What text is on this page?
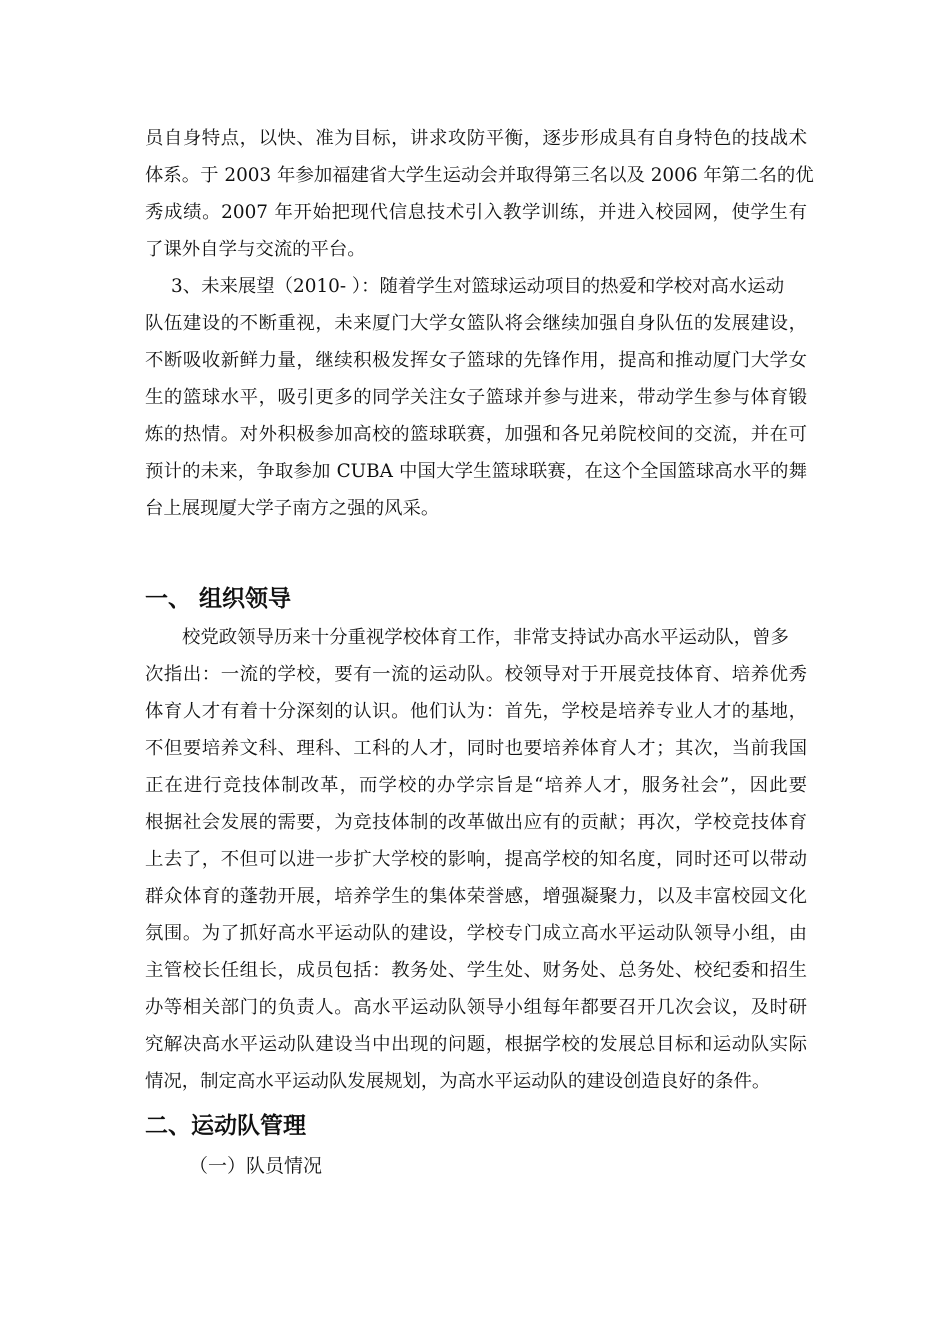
员自身特点，以快、准为目标，讲求攻防平衡，逐步形成具有自身特色的技战术
体系。于 2003 年参加福建省大学生运动会并取得第三名以及 2006 年第二名的优
秀成绩。2007 年开始把现代信息技术引入教学训练，并进入校园网，使学生有
了课外自学与交流的平台。
3、未来展望（2010- ）：随着学生对篮球运动项目的热爱和学校对高水运动
队伍建设的不断重视，未来厦门大学女篮队将会继续加强自身队伍的发展建设，
不断吸收新鲜力量，继续积极发挥女子篮球的先锋作用，提高和推动厦门大学女
生的篮球水平，吸引更多的同学关注女子篮球并参与进来，带动学生参与体育锻
炼的热情。对外积极参加高校的篮球联赛，加强和各兄弟院校间的交流，并在可
预计的未来，争取参加 CUBA 中国大学生篮球联赛，在这个全国篮球高水平的舞
台上展现厦大学子南方之强的风采。
一、 组织领导
校党政领导历来十分重视学校体育工作，非常支持试办高水平运动队，曾多
次指出：一流的学校，要有一流的运动队。校领导对于开展竞技体育、培养优秀
体育人才有着十分深刻的认识。他们认为：首先，学校是培养专业人才的基地，
不但要培养文科、理科、工科的人才，同时也要培养体育人才；其次，当前我国
正在进行竞技体制改革，而学校的办学宗旨是“培养人才，服务社会”，因此要
根据社会发展的需要，为竞技体制的改革做出应有的贡献；再次，学校竞技体育
上去了，不但可以进一步扩大学校的影响，提高学校的知名度，同时还可以带动
群众体育的蓬勃开展，培养学生的集体荣誉感，增强凝聚力，以及丰富校园文化
氛围。为了抓好高水平运动队的建设，学校专门成立高水平运动队领导小组，由
主管校长任组长，成员包括：教务处、学生处、财务处、总务处、校纪委和招生
办等相关部门的负责人。高水平运动队领导小组每年都要召开几次会议，及时研
究解决高水平运动队建设当中出现的问题，根据学校的发展总目标和运动队实际
情况，制定高水平运动队发展规划，为高水平运动队的建设创造良好的条件。
二、运动队管理
（一）队员情况
